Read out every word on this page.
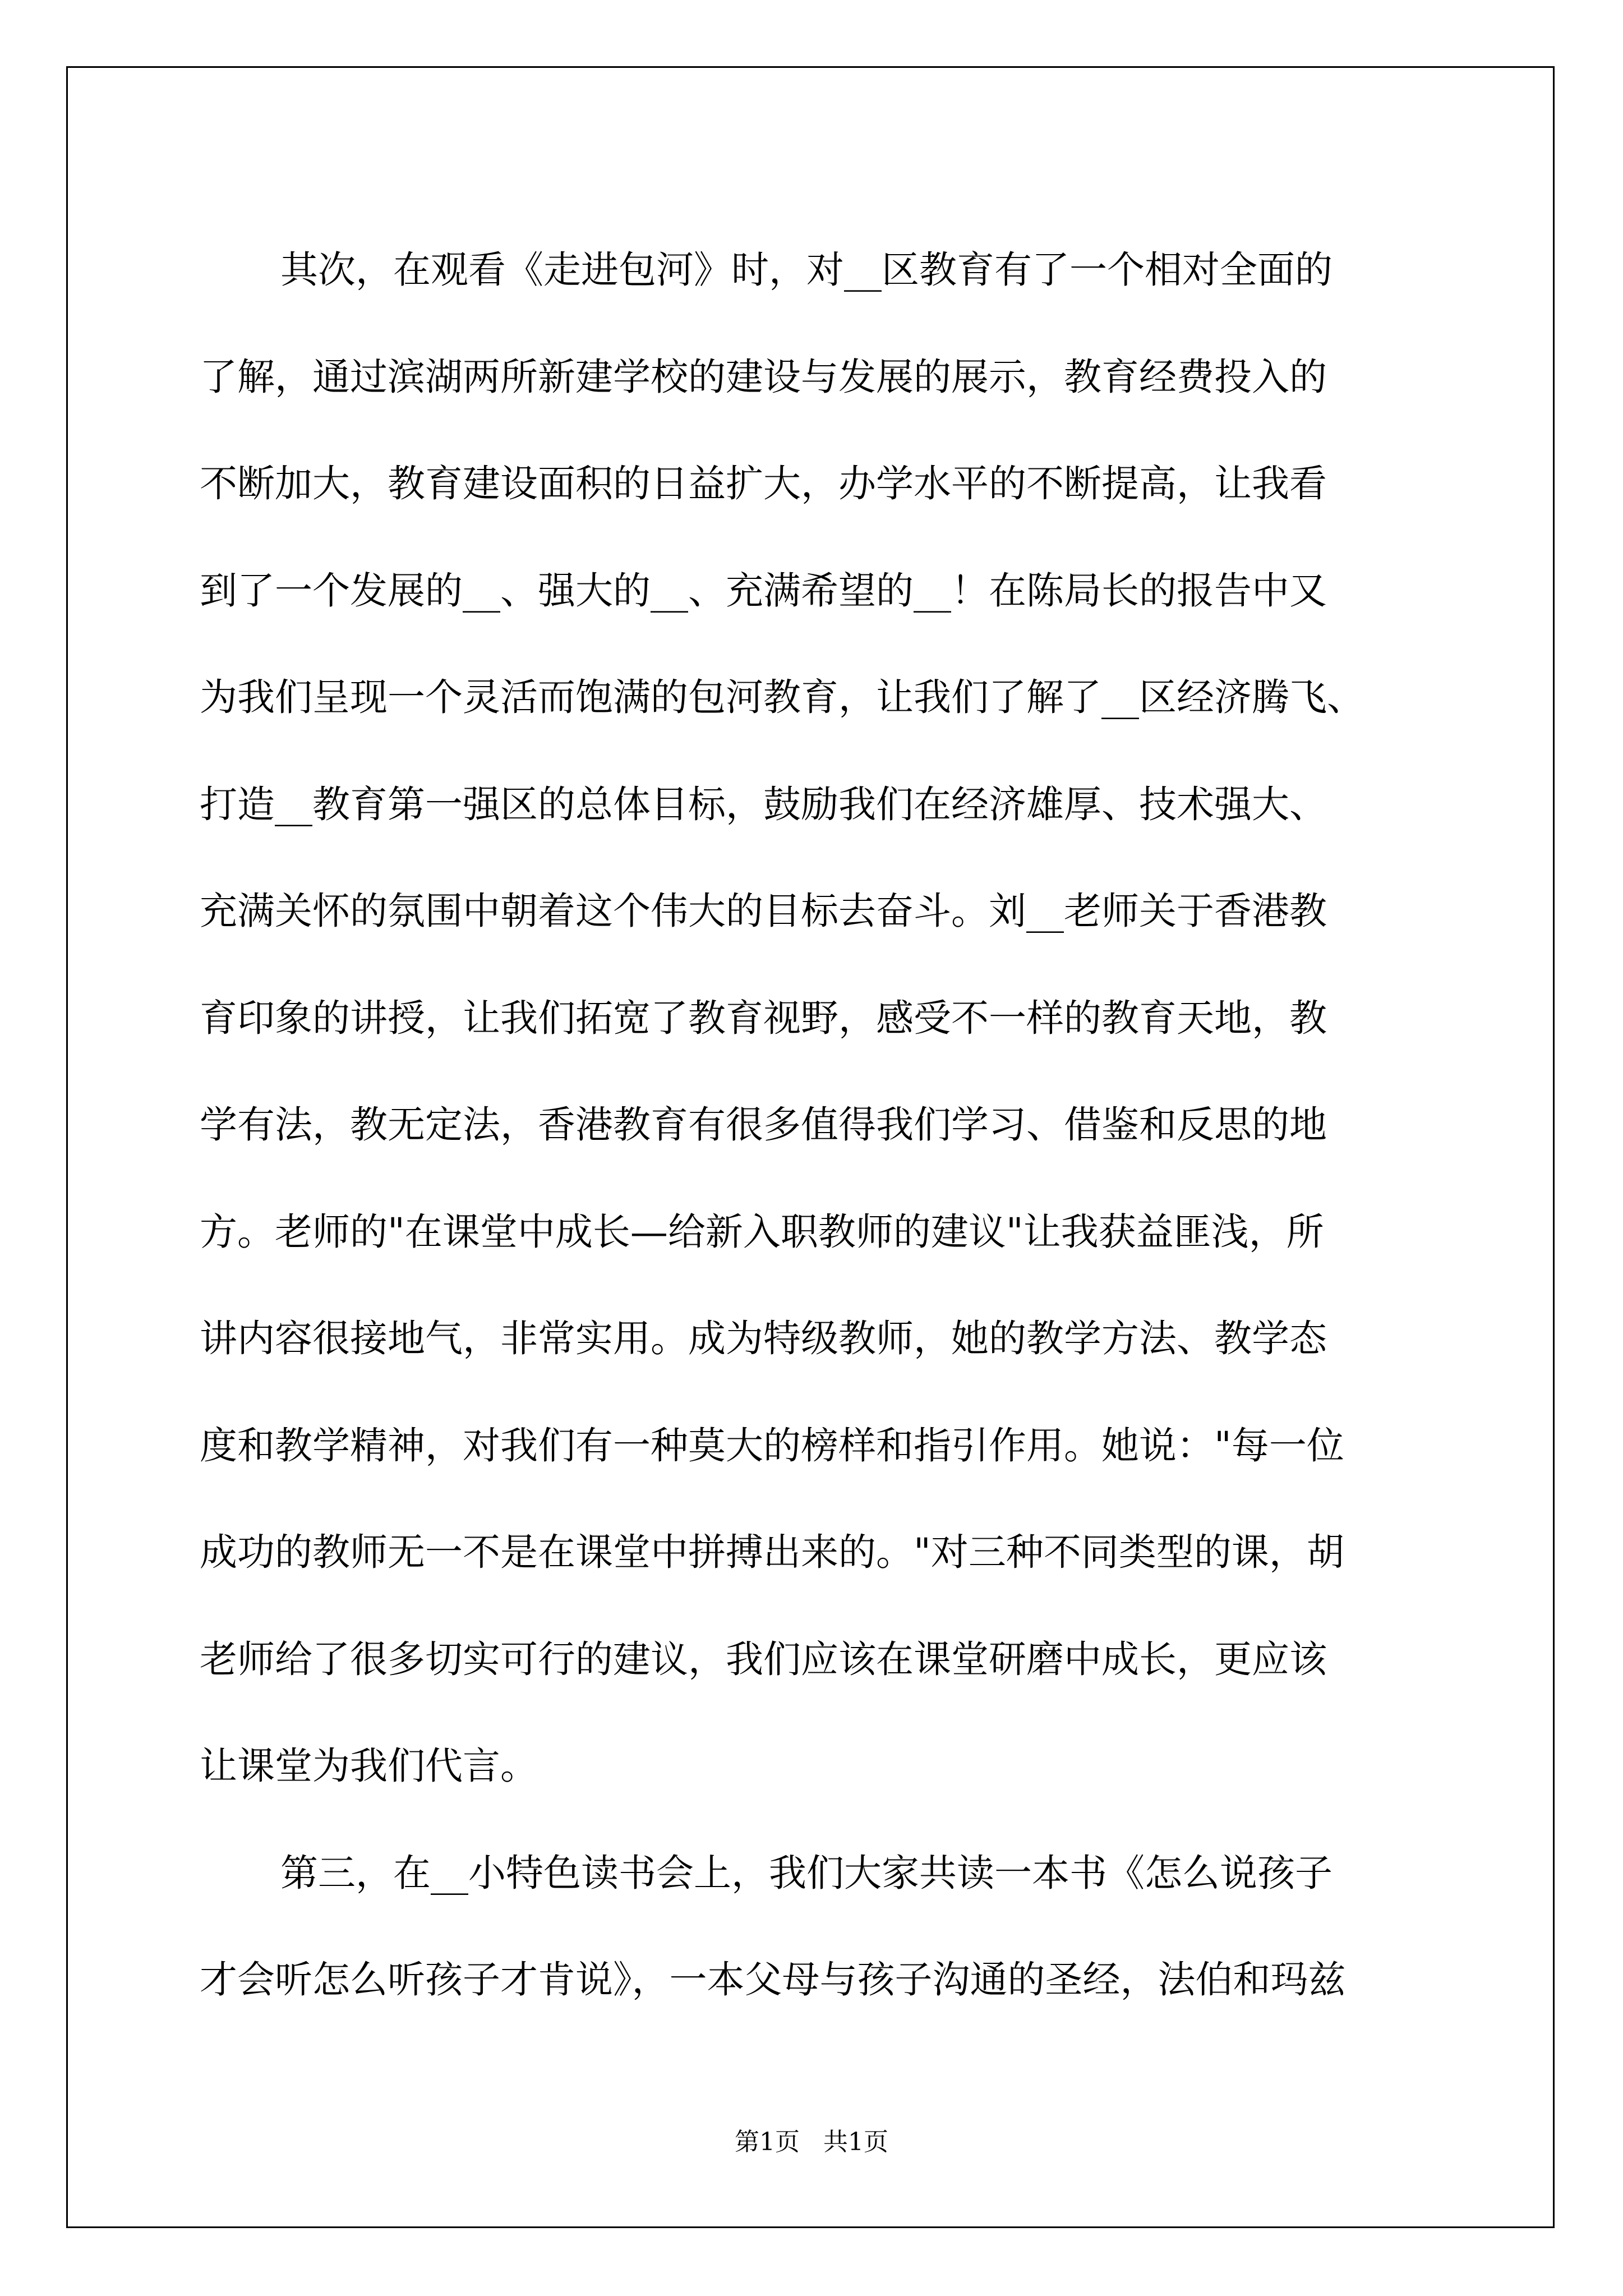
其次，在观看《走进包河》时，对__区教育有了一个相对全面的
了解，通过滨湖两所新建学校的建设与发展的展示，教育经费投入的
不断加大，教育建设面积的日益扩大，办学水平的不断提高，让我看
到了一个发展的__、强大的__、充满希望的__！在陈局长的报告中又
为我们呈现一个灵活而饱满的包河教育，让我们了解了__区经济腾飞、
打造__教育第一强区的总体目标，鼓励我们在经济雄厚、技术强大、
充满关怀的氛围中朝着这个伟大的目标去奋斗。刘__老师关于香港教
育印象的讲授，让我们拓宽了教育视野，感受不一样的教育天地，教
学有法，教无定法，香港教育有很多值得我们学习、借鉴和反思的地
方。老师的"在课堂中成长—给新入职教师的建议"让我获益匪浅，所
讲内容很接地气，非常实用。成为特级教师，她的教学方法、教学态
度和教学精神，对我们有一种莫大的榜样和指引作用。她说："每一位
成功的教师无一不是在课堂中拼搏出来的。"对三种不同类型的课，胡
老师给了很多切实可行的建议，我们应该在课堂研磨中成长，更应该
让课堂为我们代言。
第三，在__小特色读书会上，我们大家共读一本书《怎么说孩子
才会听怎么听孩子才肯说》，一本父母与孩子沟通的圣经，法伯和玛兹
第1页   共1页
